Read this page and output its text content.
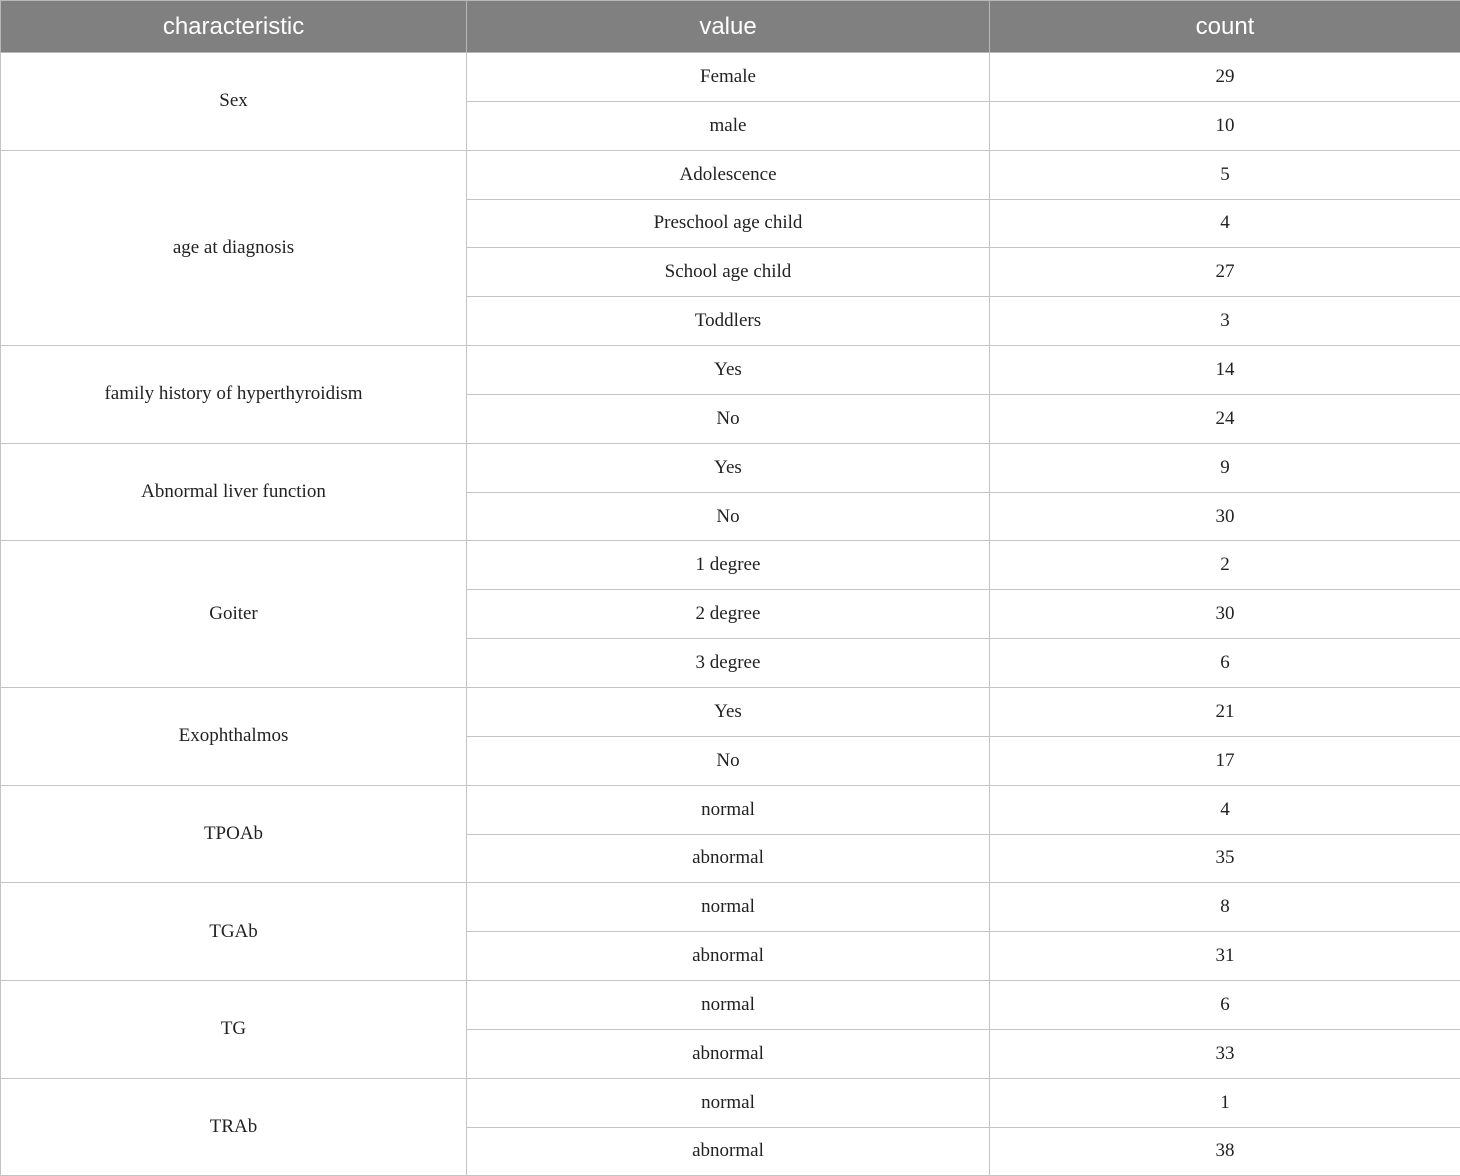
characteristic	value	count
Sex	Female	29
	male	10
age at diagnosis	Adolescence	5
	Preschool age child	4
	School age child	27
	Toddlers	3
family history of hyperthyroidism	Yes	14
	No	24
Abnormal liver function	Yes	9
	No	30
Goiter	1 degree	2
	2 degree	30
	3 degree	6
Exophthalmos	Yes	21
	No	17
TPOAb	normal	4
	abnormal	35
TGAb	normal	8
	abnormal	31
TG	normal	6
	abnormal	33
TRAb	normal	1
	abnormal	38
